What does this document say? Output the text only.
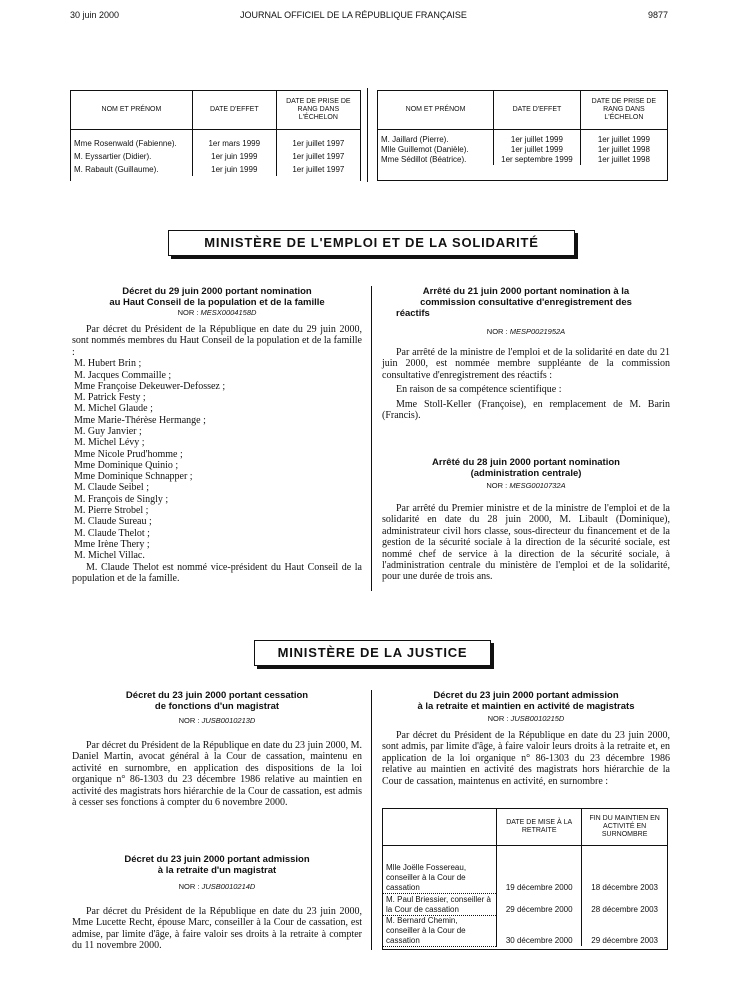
30 juin 2000	JOURNAL OFFICIEL DE LA RÉPUBLIQUE FRANÇAISE	9877
NOM ET PRÉNOM	DATE D'EFFET	DATE DE PRISE DE RANG DANS L'ÉCHELON

Mme Rosenwald (Fabienne).	1er mars 1999	1er juillet 1997
M. Eyssartier (Didier).	1er juin 1999	1er juillet 1997
M. Rabault (Guillaume).	1er juin 1999	1er juillet 1997
NOM ET PRÉNOM	DATE D'EFFET	DATE DE PRISE DE RANG DANS L'ÉCHELON

M. Jaillard (Pierre).	1er juillet 1999	1er juillet 1999
Mlle Guillemot (Danièle).	1er juillet 1999	1er juillet 1998
Mme Sédillot (Béatrice).	1er septembre 1999	1er juillet 1998
MINISTÈRE DE L'EMPLOI ET DE LA SOLIDARITÉ
Décret du 29 juin 2000 portant nomination
au Haut Conseil de la population et de la famille
NOR : MESX0004158D
Par décret du Président de la République en date du 29 juin 2000, sont nommés membres du Haut Conseil de la population et de la famille :
M. Hubert Brin ;
M. Jacques Commaille ;
Mme Françoise Dekeuwer-Defossez ;
M. Patrick Festy ;
M. Michel Glaude ;
Mme Marie-Thérèse Hermange ;
M. Guy Janvier ;
M. Michel Lévy ;
Mme Nicole Prud'homme ;
Mme Dominique Quinio ;
Mme Dominique Schnapper ;
M. Claude Seibel ;
M. François de Singly ;
M. Pierre Strobel ;
M. Claude Sureau ;
M. Claude Thelot ;
Mme Irène Thery ;
M. Michel Villac.
M. Claude Thelot est nommé vice-président du Haut Conseil de la population et de la famille.
Arrêté du 21 juin 2000 portant nomination à la
commission consultative d'enregistrement des
réactifs
NOR : MESP0021952A
Par arrêté de la ministre de l'emploi et de la solidarité en date du 21 juin 2000, est nommée membre suppléante de la commission consultative d'enregistrement des réactifs :
En raison de sa compétence scientifique :
Mme Stoll-Keller (Françoise), en remplacement de M. Barin (Francis).
Arrêté du 28 juin 2000 portant nomination
(administration centrale)
NOR : MESG0010732A
Par arrêté du Premier ministre et de la ministre de l'emploi et de la solidarité en date du 28 juin 2000, M. Libault (Dominique), administrateur civil hors classe, sous-directeur du financement et de la gestion de la sécurité sociale à la direction de la sécurité sociale, est nommé chef de service à la direction de la sécurité sociale, à l'administration centrale du ministère de l'emploi et de la solidarité, pour une durée de trois ans.
MINISTÈRE DE LA JUSTICE
Décret du 23 juin 2000 portant cessation
de fonctions d'un magistrat
NOR : JUSB0010213D
Par décret du Président de la République en date du 23 juin 2000, M. Daniel Martin, avocat général à la Cour de cassation, maintenu en activité en surnombre, en application des dispositions de la loi organique n° 86-1303 du 23 décembre 1986 relative au maintien en activité des magistrats hors hiérarchie de la Cour de cassation, est admis à cesser ses fonctions à compter du 6 novembre 2000.
Décret du 23 juin 2000 portant admission
à la retraite d'un magistrat
NOR : JUSB0010214D
Par décret du Président de la République en date du 23 juin 2000, Mme Lucette Recht, épouse Marc, conseiller à la Cour de cassation, est admise, par limite d'âge, à faire valoir ses droits à la retraite à compter du 11 novembre 2000.
Décret du 23 juin 2000 portant admission
à la retraite et maintien en activité de magistrats
NOR : JUSB0010215D
Par décret du Président de la République en date du 23 juin 2000, sont admis, par limite d'âge, à faire valoir leurs droits à la retraite et, en application de la loi organique n° 86-1303 du 23 décembre 1986 relative au maintien en activité des magistrats hors hiérarchie de la Cour de cassation, maintenus en activité, en surnombre :
	DATE DE MISE À LA RETRAITE	FIN DU MAINTIEN EN ACTIVITÉ EN SURNOMBRE

Mlle Joëlle Fossereau, conseiller à la Cour de cassation	19 décembre 2000	18 décembre 2003
M. Paul Briessier, conseiller à la Cour de cassation	29 décembre 2000	28 décembre 2003
M. Bernard Chemin, conseiller à la Cour de cassation	30 décembre 2000	29 décembre 2003
